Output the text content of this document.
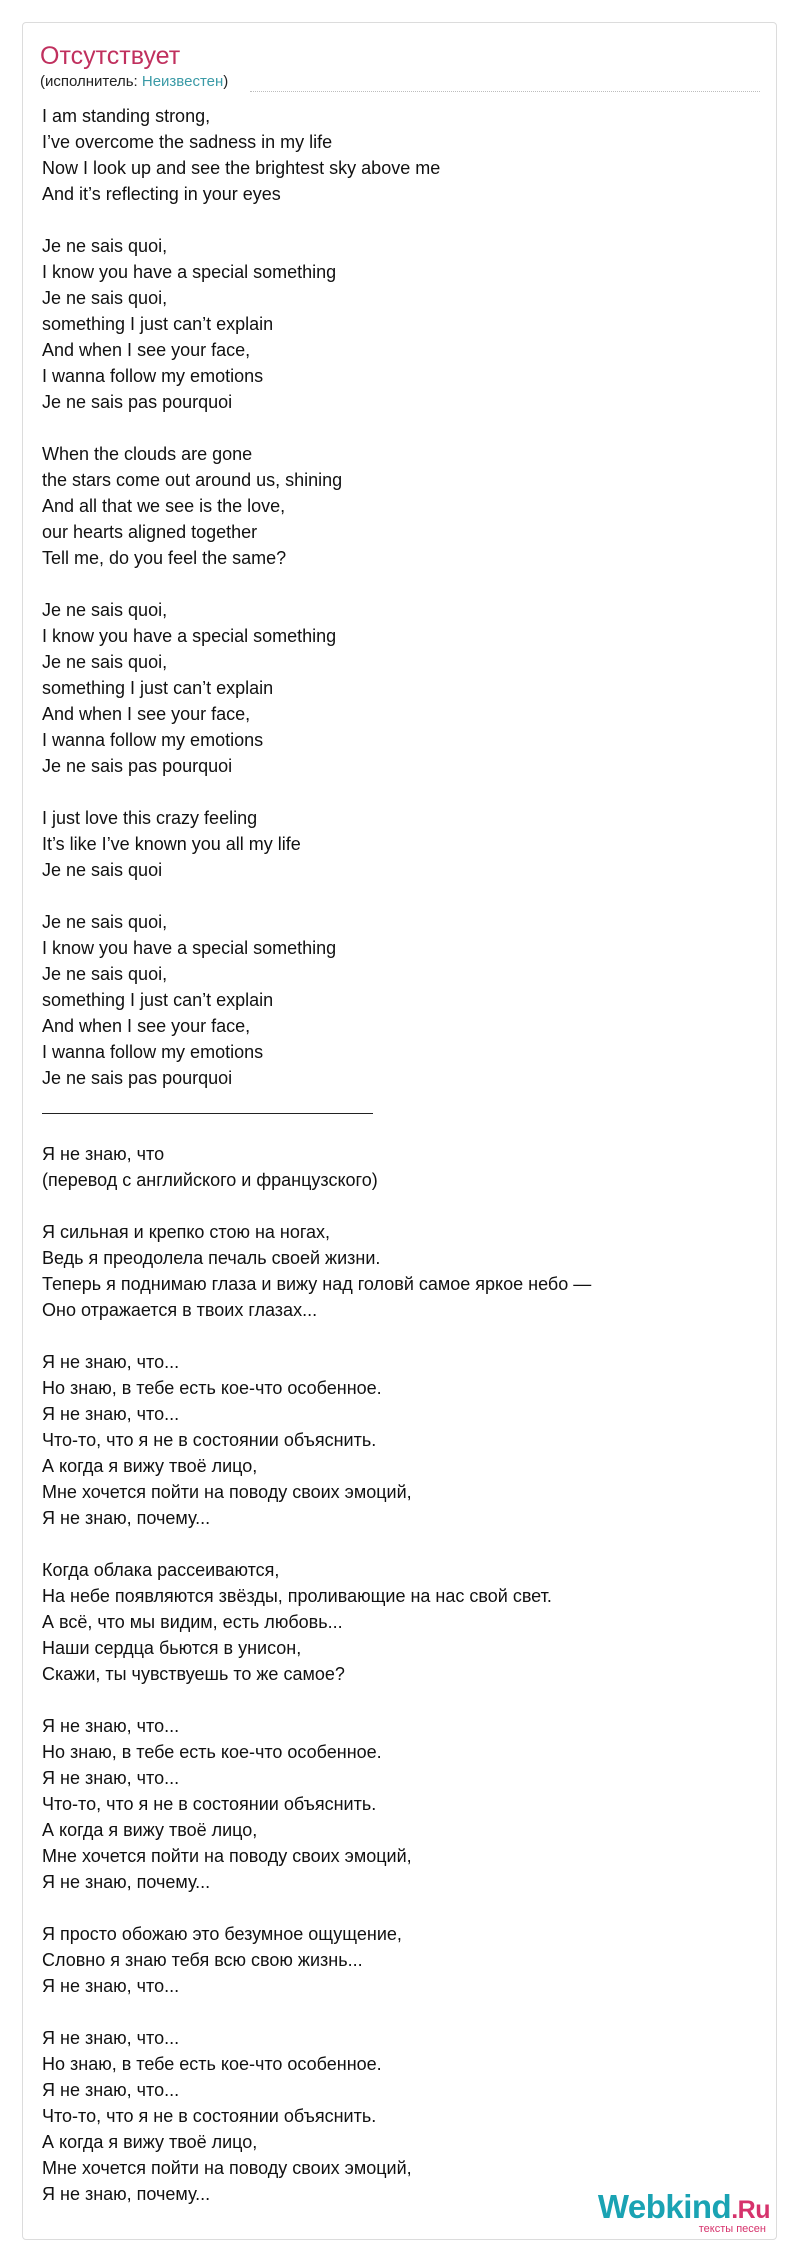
Отсутствует
(исполнитель: Неизвестен)
I am standing strong,
I’ve overcome the sadness in my life
Now I look up and see the brightest sky above me
And it’s reflecting in your eyes

Je ne sais quoi,
I know you have a special something
Je ne sais quoi,
something I just can’t explain
And when I see your face,
I wanna follow my emotions
Je ne sais pas pourquoi

When the clouds are gone
the stars come out around us, shining
And all that we see is the love,
our hearts aligned together
Tell me, do you feel the same?

Je ne sais quoi,
I know you have a special something
Je ne sais quoi,
something I just can’t explain
And when I see your face,
I wanna follow my emotions
Je ne sais pas pourquoi

I just love this crazy feeling
It’s like I’ve known you all my life
Je ne sais quoi

Je ne sais quoi,
I know you have a special something
Je ne sais quoi,
something I just can’t explain
And when I see your face,
I wanna follow my emotions
Je ne sais pas pourquoi
Я не знаю, что
(перевод с английского и французского)

Я сильная и крепко стою на ногах,
Ведь я преодолела печаль своей жизни.
Теперь я поднимаю глаза и вижу над головй самое яркое небо —
Оно отражается в твоих глазах...

Я не знаю, что...
Но знаю, в тебе есть кое-что особенное.
Я не знаю, что...
Что-то, что я не в состоянии объяснить.
А когда я вижу твоё лицо,
Мне хочется пойти на поводу своих эмоций,
Я не знаю, почему...

Когда облака рассеиваются,
На небе появляются звёзды, проливающие на нас свой свет.
А всё, что мы видим, есть любовь...
Наши сердца бьются в унисон,
Скажи, ты чувствуешь то же самое?

Я не знаю, что...
Но знаю, в тебе есть кое-что особенное.
Я не знаю, что...
Что-то, что я не в состоянии объяснить.
А когда я вижу твоё лицо,
Мне хочется пойти на поводу своих эмоций,
Я не знаю, почему...

Я просто обожаю это безумное ощущение,
Словно я знаю тебя всю свою жизнь...
Я не знаю, что...

Я не знаю, что...
Но знаю, в тебе есть кое-что особенное.
Я не знаю, что...
Что-то, что я не в состоянии объяснить.
А когда я вижу твоё лицо,
Мне хочется пойти на поводу своих эмоций,
Я не знаю, почему...	Webkind.Ru
тексты песен
